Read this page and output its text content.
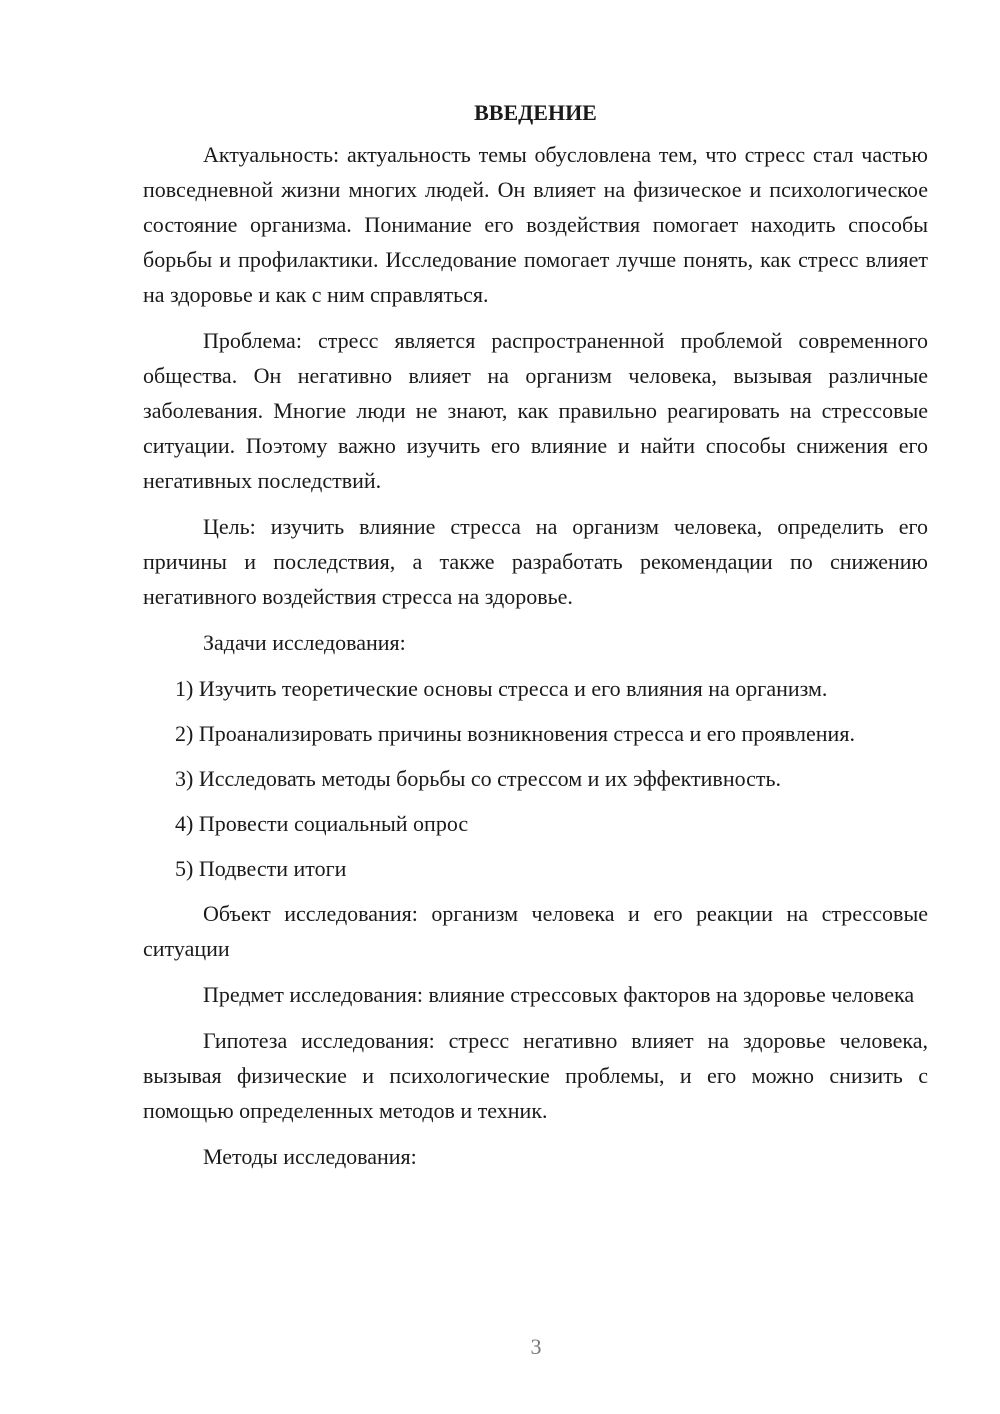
ВВЕДЕНИЕ

Актуальность: актуальность темы обусловлена тем, что стресс стал частью повседневной жизни многих людей. Он влияет на физическое и психологическое состояние организма. Понимание его воздействия помогает находить способы борьбы и профилактики. Исследование помогает лучше понять, как стресс влияет на здоровье и как с ним справляться.

Проблема: стресс является распространенной проблемой современного общества. Он негативно влияет на организм человека, вызывая различные заболевания. Многие люди не знают, как правильно реагировать на стрессовые ситуации. Поэтому важно изучить его влияние и найти способы снижения его негативных последствий.

Цель: изучить влияние стресса на организм человека, определить его причины и последствия, а также разработать рекомендации по снижению негативного воздействия стресса на здоровье.

Задачи исследования:

1) Изучить теоретические основы стресса и его влияния на организм.

2) Проанализировать причины возникновения стресса и его проявления.

3) Исследовать методы борьбы со стрессом и их эффективность.

4) Провести социальный опрос

5) Подвести итоги

Объект исследования: организм человека и его реакции на стрессовые ситуации

Предмет исследования: влияние стрессовых факторов на здоровье человека

Гипотеза исследования: стресс негативно влияет на здоровье человека, вызывая физические и психологические проблемы, и его можно снизить с помощью определенных методов и техник.

Методы исследования:

3
